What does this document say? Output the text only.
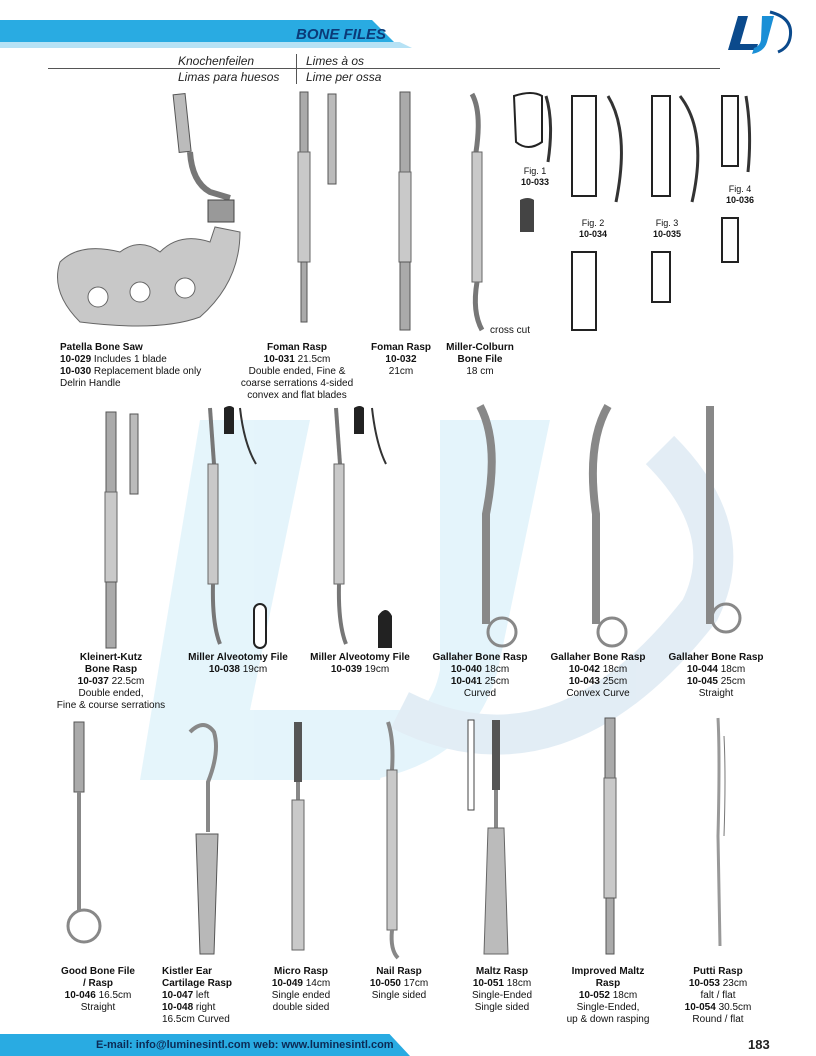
BONE FILES
Knochenfeilen	Limes à os
Limas para huesos Lime per ossa
cross cut
Fig. 1
10-033
Fig. 2
10-034
Fig. 3
10-035
Fig. 4
10-036
Patella Bone Saw
10-029 Includes 1 blade
10-030 Replacement blade only
Delrin Handle
Foman Rasp
10-031 21.5cm
Double ended, Fine &
coarse serrations 4-sided
convex and flat blades
Foman Rasp
10-032
21cm
Miller-Colburn
Bone File
18 cm
Kleinert-Kutz
Bone Rasp
10-037 22.5cm
Double ended,
Fine & course serrations
Miller Alveotomy File
10-038 19cm
Miller Alveotomy File
10-039 19cm
Gallaher Bone Rasp
10-040 18cm
10-041 25cm
Curved
Gallaher Bone Rasp
10-042 18cm
10-043 25cm
Convex Curve
Gallaher Bone Rasp
10-044 18cm
10-045 25cm
Straight
Good Bone File
/ Rasp
10-046 16.5cm
Straight
Kistler Ear
Cartilage Rasp
10-047 left
10-048 right
16.5cm Curved
Micro Rasp
10-049 14cm
Single ended
double sided
Nail Rasp
10-050 17cm
Single sided
Maltz Rasp
10-051 18cm
Single-Ended
Single sided
Improved Maltz
Rasp
10-052 18cm
Single-Ended,
up & down rasping
Putti Rasp
10-053 23cm
falt / flat
10-054 30.5cm
Round / flat
E-mail: info@luminesintl.com web: www.luminesintl.com	183
